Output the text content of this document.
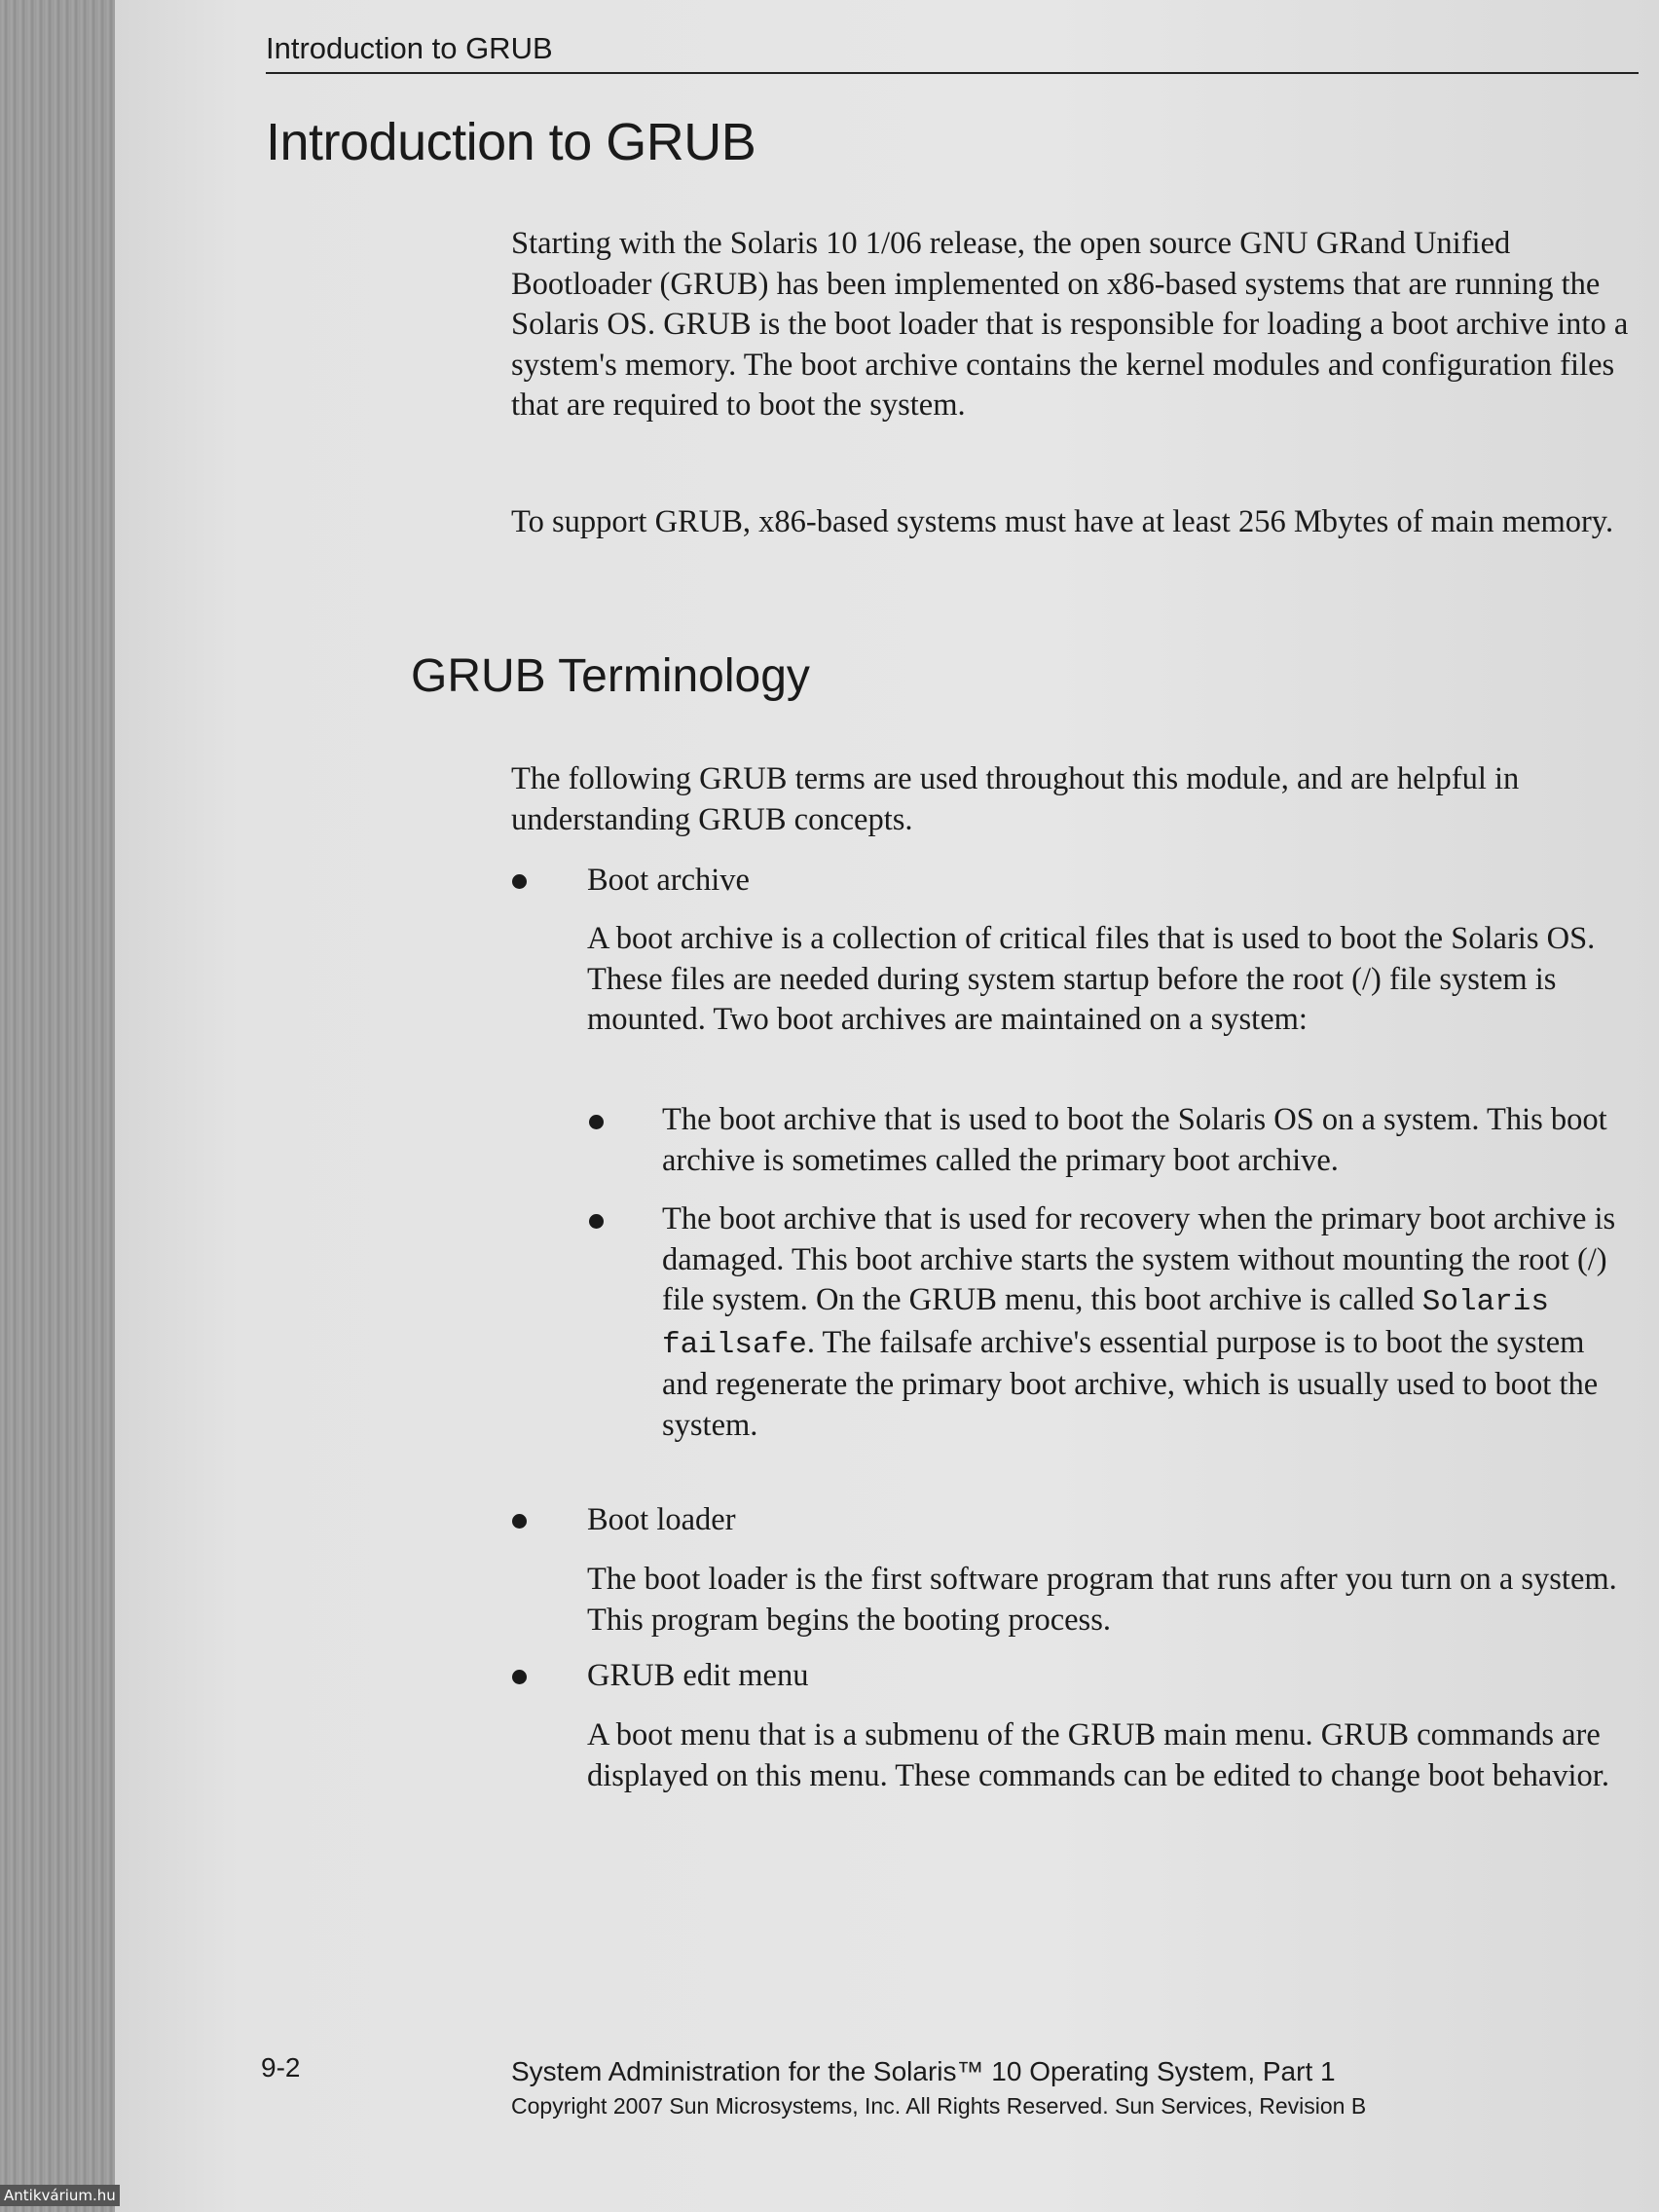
Introduction to GRUB
Introduction to GRUB

Starting with the Solaris 10 1/06 release, the open source GNU GRand Unified Bootloader (GRUB) has been implemented on x86-based systems that are running the Solaris OS. GRUB is the boot loader that is responsible for loading a boot archive into a system's memory. The boot archive contains the kernel modules and configuration files that are required to boot the system.

To support GRUB, x86-based systems must have at least 256 Mbytes of main memory.

GRUB Terminology

The following GRUB terms are used throughout this module, and are helpful in understanding GRUB concepts.

Boot archive

A boot archive is a collection of critical files that is used to boot the Solaris OS. These files are needed during system startup before the root (/) file system is mounted. Two boot archives are maintained on a system:

The boot archive that is used to boot the Solaris OS on a system. This boot archive is sometimes called the primary boot archive.

The boot archive that is used for recovery when the primary boot archive is damaged. This boot archive starts the system without mounting the root (/) file system. On the GRUB menu, this boot archive is called Solaris failsafe. The failsafe archive's essential purpose is to boot the system and regenerate the primary boot archive, which is usually used to boot the system.

Boot loader

The boot loader is the first software program that runs after you turn on a system. This program begins the booting process.

GRUB edit menu

A boot menu that is a submenu of the GRUB main menu. GRUB commands are displayed on this menu. These commands can be edited to change boot behavior.

9-2	System Administration for the Solaris™ 10 Operating System, Part 1
Copyright 2007 Sun Microsystems, Inc. All Rights Reserved. Sun Services, Revision B
Antikvárium.hu
